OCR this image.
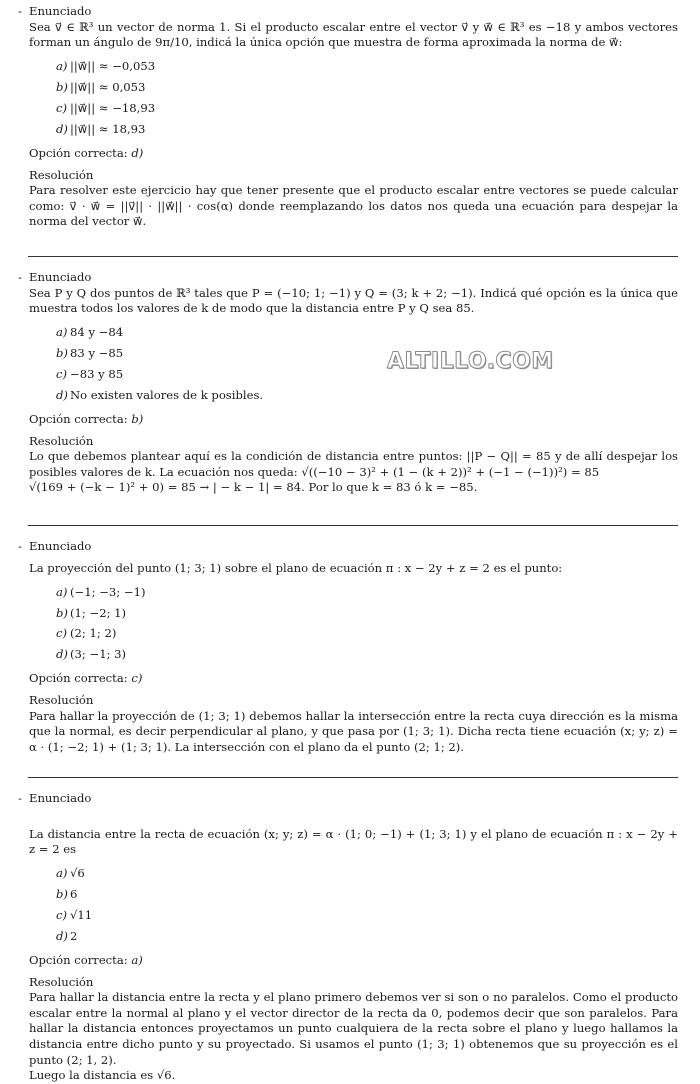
- Enunciado
Sea v⃗ ∈ ℝ³ un vector de norma 1. Si el producto escalar entre el vector v⃗ y w⃗ ∈ ℝ³ es −18 y ambos vectores forman un ángulo de 9π/10, indicá la única opción que muestra de forma aproximada la norma de w⃗:
a) ||w⃗|| ≈ −0,053
b) ||w⃗|| ≈ 0,053
c) ||w⃗|| ≈ −18,93
d) ||w⃗|| ≈ 18,93
Opción correcta: d)
Resolución
Para resolver este ejercicio hay que tener presente que el producto escalar entre vectores se puede calcular como: v⃗ · w⃗ = ||v⃗|| · ||w⃗|| · cos(α) donde reemplazando los datos nos queda una ecuación para despejar la norma del vector w⃗.
- Enunciado
Sea P y Q dos puntos de ℝ³ tales que P = (−10; 1; −1) y Q = (3; k + 2; −1). Indicá qué opción es la única que muestra todos los valores de k de modo que la distancia entre P y Q sea 85.
a) 84 y −84
b) 83 y −85
c) −83 y 85
d) No existen valores de k posibles.
Opción correcta: b)
Resolución
Lo que debemos plantear aquí es la condición de distancia entre puntos: ||P − Q|| = 85 y de allí despejar los posibles valores de k. La ecuación nos queda: √((−10 − 3)² + (1 − (k + 2))² + (−1 − (−1))²) = 85
√(169 + (−k − 1)² + 0) = 85 → | − k − 1| = 84. Por lo que k = 83 ó k = −85.
ALTILLO.COM
- Enunciado
La proyección del punto (1; 3; 1) sobre el plano de ecuación π : x − 2y + z = 2 es el punto:
a) (−1; −3; −1)
b) (1; −2; 1)
c) (2; 1; 2)
d) (3; −1; 3)
Opción correcta: c)
Resolución
Para hallar la proyección de (1; 3; 1) debemos hallar la intersección entre la recta cuya dirección es la misma que la normal, es decir perpendicular al plano, y que pasa por (1; 3; 1). Dicha recta tiene ecuación (x; y; z) = α · (1; −2; 1) + (1; 3; 1). La intersección con el plano da el punto (2; 1; 2).
- Enunciado
La distancia entre la recta de ecuación (x; y; z) = α · (1; 0; −1) + (1; 3; 1) y el plano de ecuación π : x − 2y + z = 2 es
a) √6
b) 6
c) √11
d) 2
Opción correcta: a)
Resolución
Para hallar la distancia entre la recta y el plano primero debemos ver si son o no paralelos. Como el producto escalar entre la normal al plano y el vector director de la recta da 0, podemos decir que son paralelos. Para hallar la distancia entonces proyectamos un punto cualquiera de la recta sobre el plano y luego hallamos la distancia entre dicho punto y su proyectado. Si usamos el punto (1; 3; 1) obtenemos que su proyección es el punto (2; 1, 2).
Luego la distancia es √6.
